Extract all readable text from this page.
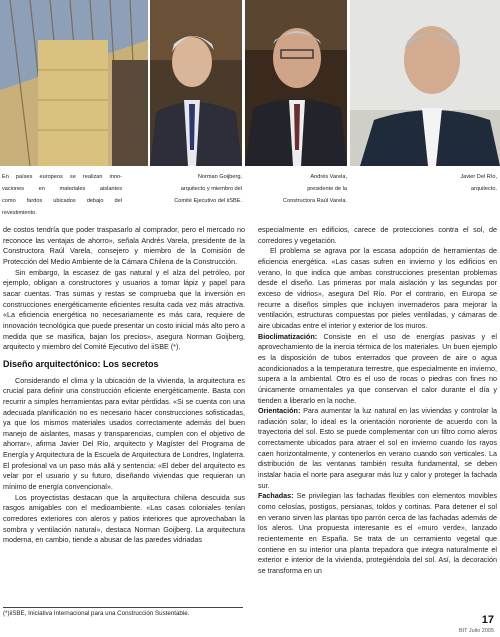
En países europeos se realizan inno-
vaciones en materiales aislantes
como fardos ubicados debajo del
revestimiento.
Norman Goijberg,
arquitecto y miembro del
Comité Ejecutivo del iiSBE.
Andrés Varela,
presidente de la
Constructora Raúl Varela.
Javier Del Río,
arquitecto.

de costos tendría que poder traspasarlo al comprador, pero el mercado no reconoce las ventajas de ahorro», señala Andrés Varela, presidente de la Constructora Raúl Varela, consejero y miembro de la Comisión de Protección del Medio Ambiente de la Cámara Chilena de la Construcción.

Sin embargo, la escasez de gas natural y el alza del petróleo, por ejemplo, obligan a constructores y usuarios a tomar lápiz y papel para sacar cuentas. Tras sumas y restas se comprueba que la inversión en construcciones energéticamente eficientes resulta cada vez más atractiva. «La eficiencia energética no necesariamente es más cara, requiere de innovación tecnológica que puede presentar un costo inicial más alto pero a medida que se masifica, bajan los precios», asegura Norman Goijberg, arquitecto y miembro del Comité Ejecutivo del iiSBE (*).

Diseño arquitectónico: Los secretos

Considerando el clima y la ubicación de la vivienda, la arquitectura es crucial para definir una construcción eficiente energéticamente. Basta con recurrir a simples herramientas para evitar pérdidas. «Si se cuenta con una adecuada planificación no es necesario hacer construcciones sofisticadas, ya que los mismos materiales usados correctamente además del buen manejo de aislantes, masas y transparencias, cumplen con el objetivo de ahorrar», afirma Javier Del Río, arquitecto y Magíster del Programa de Energía y Arquitectura de la Escuela de Arquitectura de Londres, Inglaterra. El profesional va un paso más allá y sentencia: «El deber del arquitecto es velar por el usuario y su futuro, diseñando viviendas que requieran un mínimo de energía convencional».

Los proyectistas destacan que la arquitectura chilena descuida sus rasgos amigables con el medioambiente. «Las casas coloniales tenían corredores exteriores con aleros y patios interiores que aprovechaban la sombra y ventilación natural», destaca Norman Goijberg. La arquitectura moderna, en cambio, tiende a abusar de las paredes vidriadas

especialmente en edificios, carece de protecciones contra el sol, de corredores y vegetación.

El problema se agrava por la escasa adopción de herramientas de eficiencia energética. «Las casas sufren en invierno y los edificios en verano, lo que indica que ambas construcciones presentan problemas desde el diseño. Las primeras por mala aislación y las segundas por exceso de vidrios», asegura Del Río. Por el contrario, en Europa se recurre a diseños simples que incluyen invernaderos para mejorar la ventilación, estructuras compuestas por pieles ventiladas, y cámaras de aire ubicadas entre el interior y exterior de los muros.

Bioclimatización: Consiste en el uso de energías pasivas y el aprovechamiento de la inercia térmica de los materiales. Un buen ejemplo es la disposición de tubos enterrados que proveen de aire o agua acondicionados a la temperatura terrestre, que especialmente en invierno, supera a la ambiental. Otro es el uso de rocas o piedras con fines no únicamente ornamentales ya que conservan el calor durante el día y tienden a liberarlo en la noche.

Orientación: Para aumentar la luz natural en las viviendas y controlar la radiación solar, lo ideal es la orientación nororiente de acuerdo con la trayectoria del sol. Esto se puede complementar con un filtro como aleros correctamente ubicados para atraer el sol en invierno cuando los rayos caen horizontalmente, y contenerlos en verano cuando son verticales. La distribución de las ventanas también resulta fundamental, se deben instalar hacia el norte para asegurar más luz y calor y proteger la fachada sur.

Fachadas: Se privilegian las fachadas flexibles con elementos movibles como celosías, postigos, persianas, toldos y cortinas. Para detener el sol en verano sirven las plantas tipo parrón cerca de las fachadas además de los aleros. Una propuesta interesante es el «muro verde», lanzado recientemente en España. Se trata de un cerramiento vegetal que contiene en su interior una planta trepadora que integra naturalmente el exterior e interior de la vivienda, protegiéndola del sol. Así, la decoración se transforma en un

(*)iiSBE, Iniciativa Internacional para una Construcción Sustentable.
17
BIT Julio 2005
